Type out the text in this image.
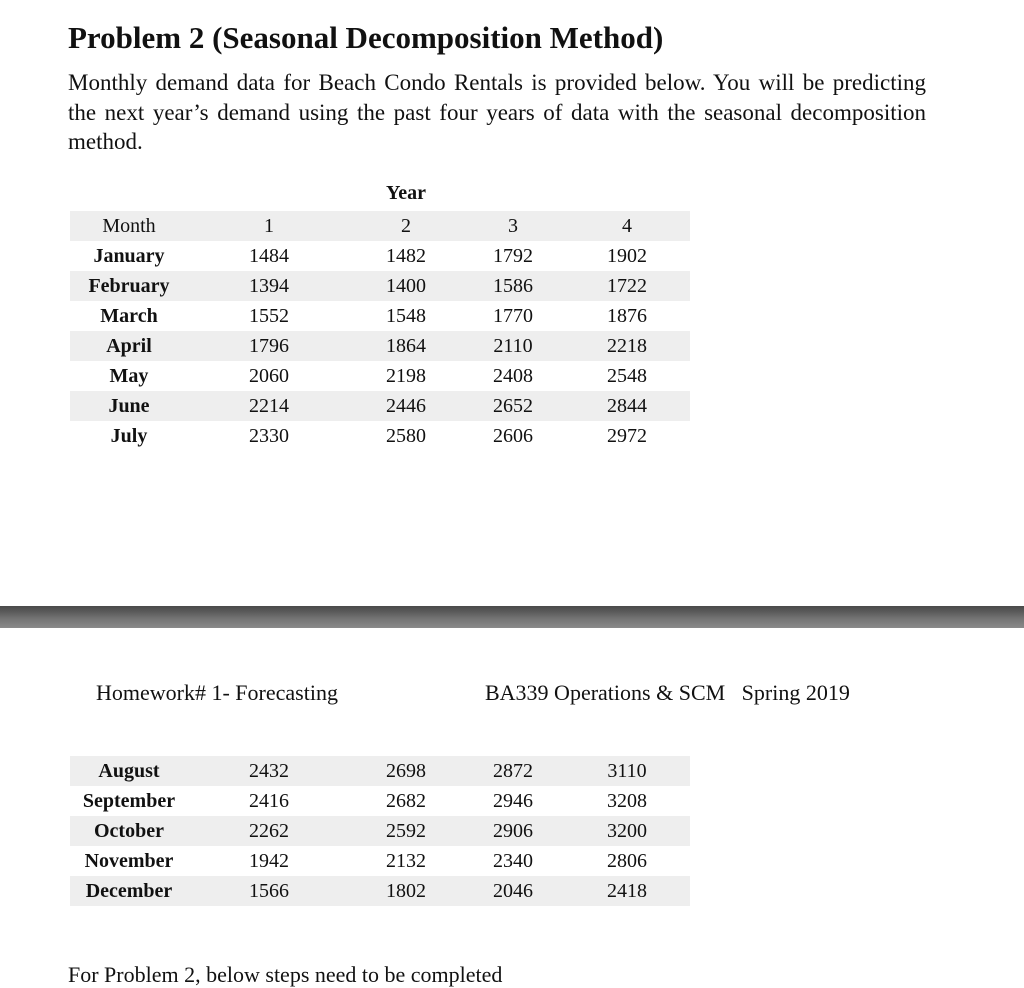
Problem 2 (Seasonal Decomposition Method)

Monthly demand data for Beach Condo Rentals is provided below. You will be predicting the next year’s demand using the past four years of data with the seasonal decomposition method.

Year
Month	1	2	3	4
January	1484	1482	1792	1902
February	1394	1400	1586	1722
March	1552	1548	1770	1876
April	1796	1864	2110	2218
May	2060	2198	2408	2548
June	2214	2446	2652	2844
July	2330	2580	2606	2972
Homework# 1- Forecasting	BA339 Operations & SCM   Spring 2019
August	2432	2698	2872	3110
September	2416	2682	2946	3208
October	2262	2592	2906	3200
November	1942	2132	2340	2806
December	1566	1802	2046	2418
For Problem 2, below steps need to be completed
